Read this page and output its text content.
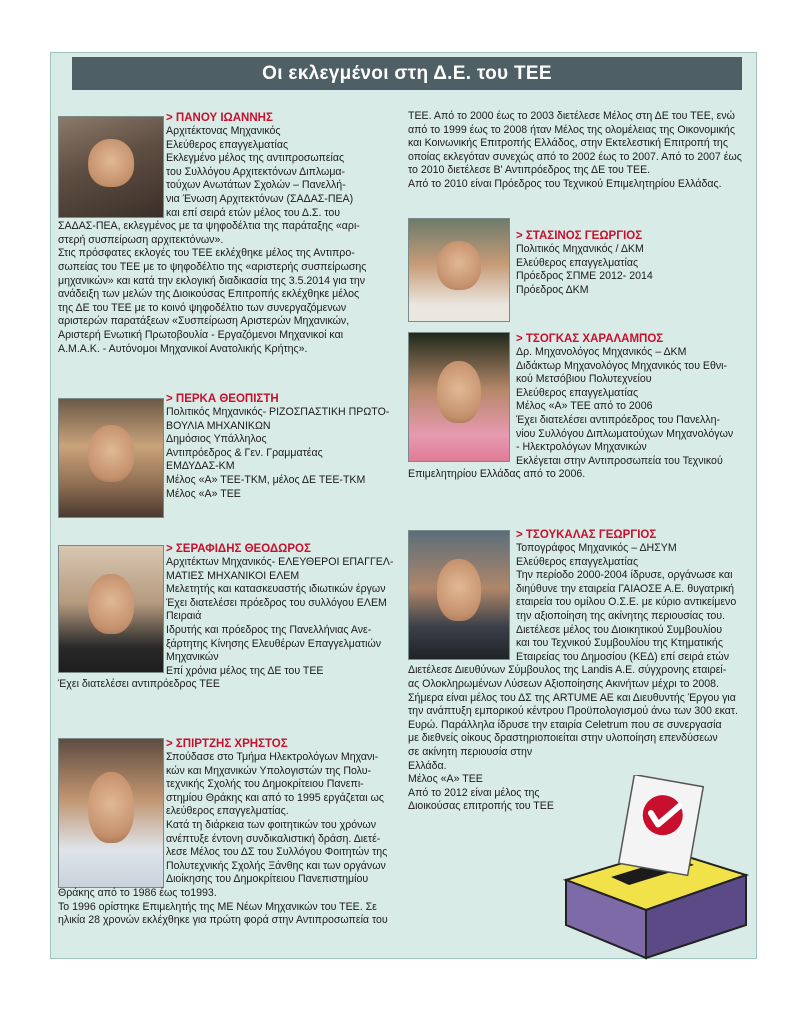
Οι εκλεγμένοι στη Δ.Ε. του ΤΕΕ

> ΠΑΝΟΥ ΙΩΑΝΝΗΣ

Αρχιτέκτονας Μηχανικός

Ελεύθερος επαγγελματίας

Εκλεγμένο μέλος της αντιπροσωπείας

του Συλλόγου Αρχιτεκτόνων Διπλωμα-

τούχων Ανωτάτων Σχολών – Πανελλή-

νια Ένωση Αρχιτεκτόνων (ΣΑΔΑΣ-ΠΕΑ)

και επί σειρά ετών μέλος του Δ.Σ. του

ΣΑΔΑΣ-ΠΕΑ, εκλεγμένος με τα ψηφοδέλτια της παράταξης «αρι-

στερή συσπείρωση αρχιτεκτόνων».

Στις πρόσφατες εκλογές του ΤΕΕ εκλέχθηκε μέλος της Αντιπρο-

σωπείας του ΤΕΕ με το ψηφοδέλτιο της «αριστερής συσπείρωσης

μηχανικών» και κατά την εκλογική διαδικασία της 3.5.2014 για την

ανάδειξη των μελών της Διοικούσας Επιτροπής εκλέχθηκε μέλος

της ΔΕ του ΤΕΕ με το κοινό ψηφοδέλτιο των συνεργαζόμενων

αριστερών παρατάξεων «Συσπείρωση Αριστερών Μηχανικών,

Αριστερή Ενωτική Πρωτοβουλία - Εργαζόμενοι Μηχανικοί και

Α.Μ.Α.Κ. - Αυτόνομοι Μηχανικοί Ανατολικής Κρήτης».

> ΠΕΡΚΑ ΘΕΟΠΙΣΤΗ

Πολιτικός Μηχανικός- ΡΙΖΟΣΠΑΣΤΙΚΗ ΠΡΩΤΟ-

ΒΟΥΛΙΑ ΜΗΧΑΝΙΚΩΝ

Δημόσιος Υπάλληλος

Αντιπρόεδρος & Γεν. Γραμματέας

ΕΜΔΥΔΑΣ-ΚΜ

Μέλος «Α» ΤΕΕ-ΤΚΜ, μέλος ΔΕ ΤΕΕ-ΤΚΜ

Μέλος «Α» ΤΕΕ

> ΣΕΡΑΦΙΔΗΣ ΘΕΟΔΩΡΟΣ

Αρχιτέκτων Μηχανικός- ΕΛΕΥΘΕΡΟΙ ΕΠΑΓΓΕΛ-

ΜΑΤΙΕΣ ΜΗΧΑΝΙΚΟΙ ΕΛΕΜ

Μελετητής και κατασκευαστής ιδιωτικών έργων

Έχει διατελέσει πρόεδρος του συλλόγου ΕΛΕΜ

Πειραιά

Ιδρυτής και πρόεδρος της Πανελλήνιας Ανε-

ξάρτητης Κίνησης Ελευθέρων Επαγγελματιών

Μηχανικών

Επί χρόνια μέλος της ΔΕ του ΤΕΕ

Έχει διατελέσει αντιπρόεδρος ΤΕΕ

> ΣΠΙΡΤΖΗΣ ΧΡΗΣΤΟΣ

Σπούδασε στο Τμήμα Ηλεκτρολόγων Μηχανι-

κών και Μηχανικών Υπολογιστών της Πολυ-

τεχνικής Σχολής του Δημοκρίτειου Πανεπι-

στημίου Θράκης και από το 1995 εργάζεται ως

ελεύθερος επαγγελματίας.

Κατά τη διάρκεια των φοιτητικών του χρόνων

ανέπτυξε έντονη συνδικαλιστική δράση. Διετέ-

λεσε Μέλος του ΔΣ του Συλλόγου Φοιτητών της

Πολυτεχνικής Σχολής Ξάνθης και των οργάνων

Διοίκησης του Δημοκρίτειου Πανεπιστημίου

Θράκης από το 1986 έως το1993.

Το 1996 ορίστηκε Επιμελητής της ΜΕ Νέων Μηχανικών του ΤΕΕ. Σε

ηλικία 28 χρονών εκλέχθηκε για πρώτη φορά στην Αντιπροσωπεία του

ΤΕΕ. Από το 2000 έως το 2003 διετέλεσε Μέλος στη ΔΕ του ΤΕΕ, ενώ

από το 1999 έως το 2008 ήταν Μέλος της ολομέλειας της Οικονομικής

και Κοινωνικής Επιτροπής Ελλάδος, στην Εκτελεστική Επιτροπή της

οποίας εκλεγόταν συνεχώς από το 2002 έως το 2007. Από το 2007 έως

το 2010 διετέλεσε Β' Αντιπρόεδρος της ΔΕ του ΤΕΕ.

Από το 2010 είναι Πρόεδρος του Τεχνικού Επιμελητηρίου Ελλάδας.

> ΣΤΑΣΙΝΟΣ ΓΕΩΡΓΙΟΣ

Πολιτικός Μηχανικός / ΔΚΜ

Ελεύθερος επαγγελματίας

Πρόεδρος ΣΠΜΕ 2012- 2014

Πρόεδρος ΔΚΜ

> ΤΣΟΓΚΑΣ ΧΑΡΑΛΑΜΠΟΣ

Δρ. Μηχανολόγος Μηχανικός – ΔΚΜ

Διδάκτωρ Μηχανολόγος Μηχανικός του Εθνι-

κού Μετσόβιου Πολυτεχνείου

Ελεύθερος επαγγελματίας

Μέλος «Α» ΤΕΕ από το 2006

Έχει διατελέσει αντιπρόεδρος του Πανελλη-

νίου Συλλόγου Διπλωματούχων Μηχανολόγων

- Ηλεκτρολόγων Μηχανικών

Εκλέγεται στην Αντιπροσωπεία του Τεχνικού

Επιμελητηρίου Ελλάδας από το 2006.

> ΤΣΟΥΚΑΛΑΣ ΓΕΩΡΓΙΟΣ

Τοπογράφος Μηχανικός – ΔΗΣΥΜ

Ελεύθερος επαγγελματίας

Την περίοδο 2000-2004 ίδρυσε, οργάνωσε και

διηύθυνε την εταιρεία ΓΑΙΑΟΣΕ Α.Ε. θυγατρική

εταιρεία του ομίλου Ο.Σ.Ε. με κύριο αντικείμενο

την αξιοποίηση της ακίνητης περιουσίας του.

Διετέλεσε μέλος του Διοικητικού Συμβουλίου

και του Τεχνικού Συμβουλίου της Κτηματικής

Εταιρείας του Δημοσίου (ΚΕΔ) επί σειρά ετών

Διετέλεσε Διευθύνων Σύμβουλος της Landis A.E. σύγχρονης εταιρεί-

ας Ολοκληρωμένων Λύσεων Αξιοποίησης Ακινήτων μέχρι το 2008.

Σήμερα είναι μέλος του ΔΣ της ARTUME AE και Διευθυντής Έργου για

την ανάπτυξη εμπορικού κέντρου Προϋπολογισμού άνω των 300 εκατ.

Ευρώ. Παράλληλα ίδρυσε την εταιρία Celetrum που σε συνεργασία

με διεθνείς οίκους δραστηριοποιείται στην υλοποίηση επενδύσεων

σε ακίνητη περιουσία στην

Ελλάδα.

Μέλος «Α» ΤΕΕ

Από το 2012 είναι μέλος της

Διοικούσας επιτροπής του ΤΕΕ
